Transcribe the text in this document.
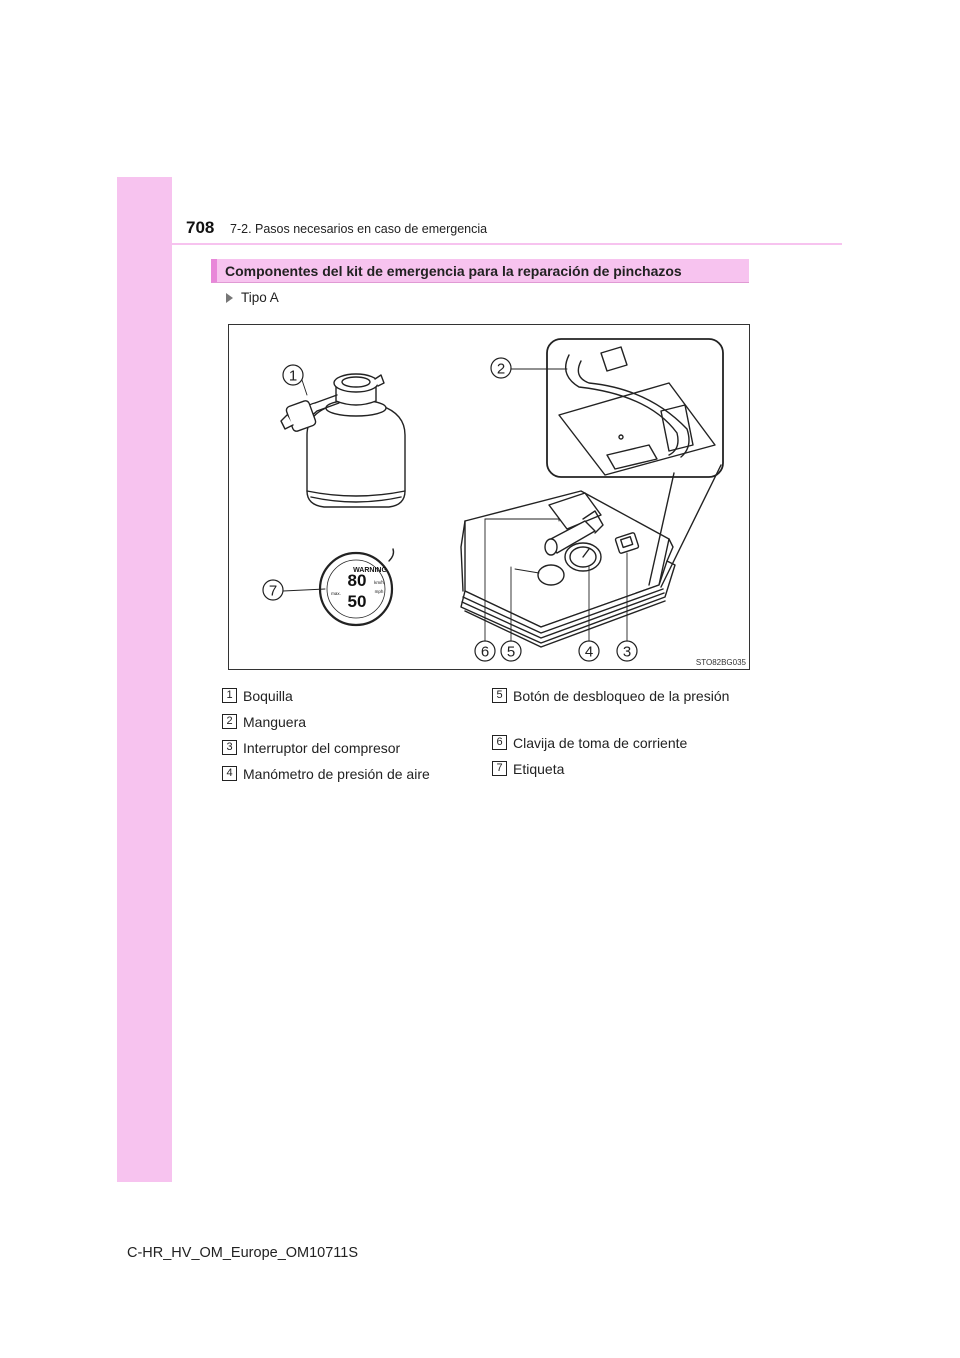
708 7-2. Pasos necesarios en caso de emergencia
Componentes del kit de emergencia para la reparación de pinchazos
Tipo A
1	2
7
6 5	4 3
WARNING
80
50
km/h
mph
max.
STO82BG035
1 Boquilla
2 Manguera
3 Interruptor del compresor
4 Manómetro de presión de aire
5 Botón de desbloqueo de la presión
6 Clavija de toma de corriente
7 Etiqueta
C-HR_HV_OM_Europe_OM10711S
